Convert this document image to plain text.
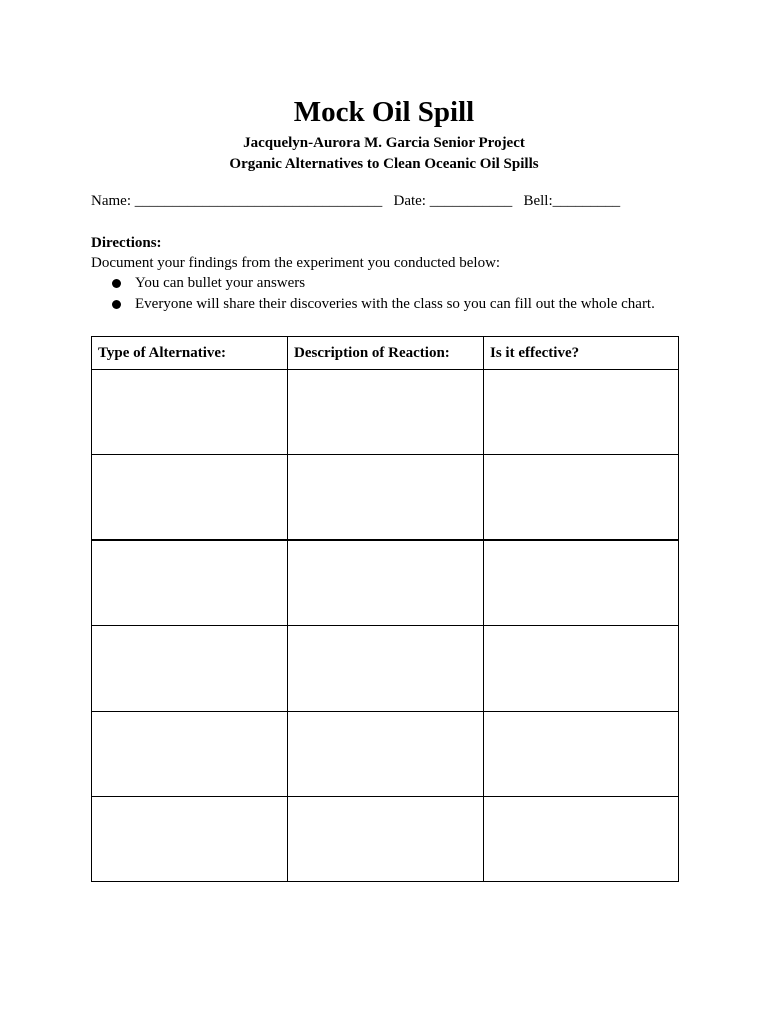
Mock Oil Spill
Jacquelyn-Aurora M. Garcia Senior Project
Organic Alternatives to Clean Oceanic Oil Spills
Name: _________________________________   Date: ___________   Bell:_________
Directions:
Document your findings from the experiment you conducted below:
You can bullet your answers
Everyone will share their discoveries with the class so you can fill out the whole chart.
Type of Alternative:	Description of Reaction:	Is it effective?
